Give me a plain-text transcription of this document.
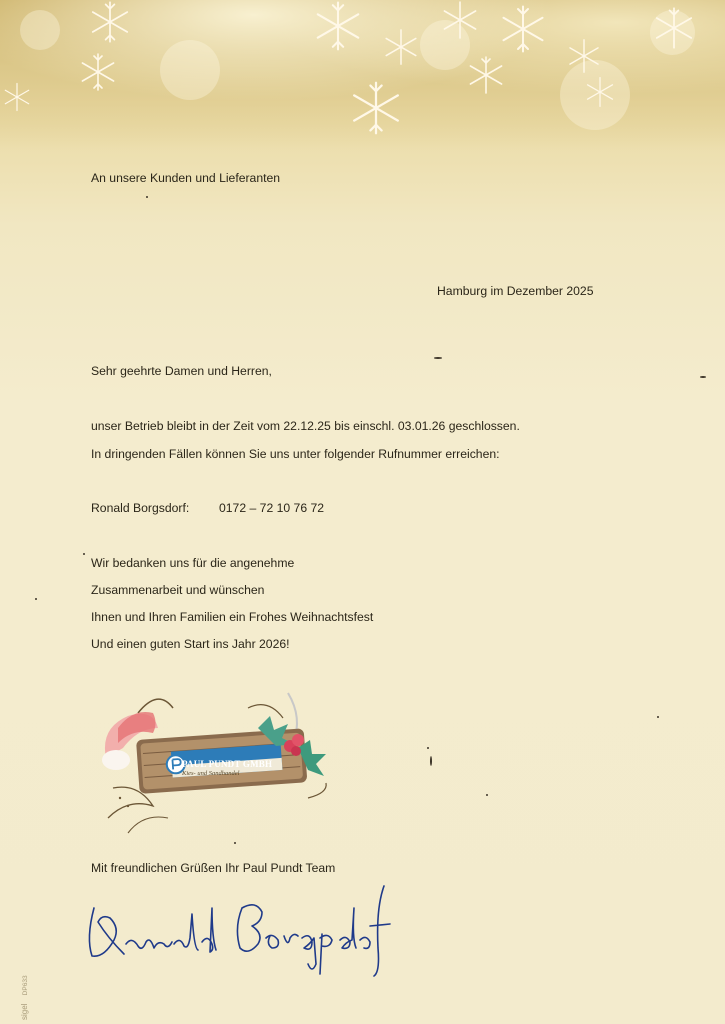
An unsere Kunden und Lieferanten
Hamburg im Dezember 2025
Sehr geehrte Damen und Herren,
unser Betrieb bleibt in der Zeit vom 22.12.25 bis einschl. 03.01.26 geschlossen.
In dringenden Fällen können Sie uns unter folgender Rufnummer erreichen:
Ronald Borgsdorf: 0172 – 72 10 76 72
Wir bedanken uns für die angenehme
Zusammenarbeit und wünschen
Ihnen und Ihren Familien ein Frohes Weihnachtsfest
Und einen guten Start ins Jahr 2026!
PAUL PUNDT GMBH
Kies- und Sandhandel
Mit freundlichen Grüßen Ihr Paul Pundt Team
sigel DP633
